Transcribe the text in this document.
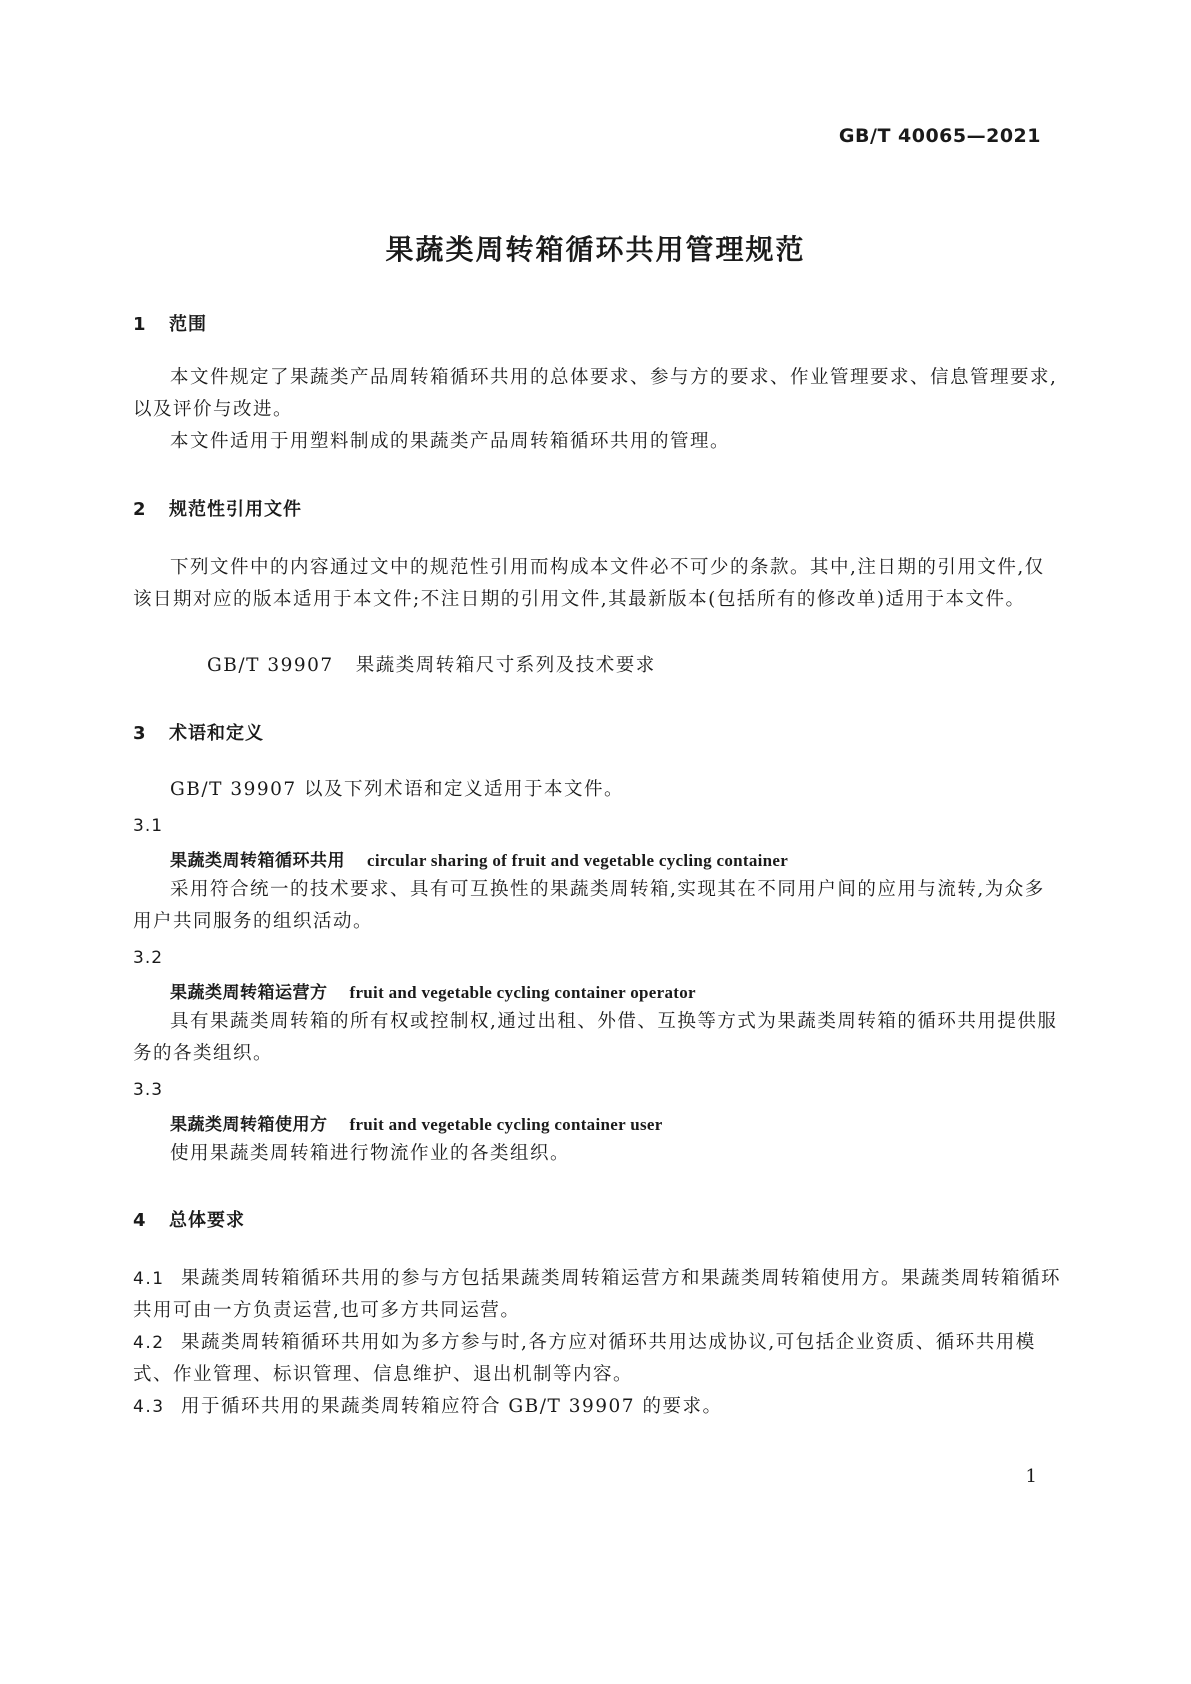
GB/T 40065—2021
果蔬类周转箱循环共用管理规范
1 范围
本文件规定了果蔬类产品周转箱循环共用的总体要求、参与方的要求、作业管理要求、信息管理要求,以及评价与改进。
本文件适用于用塑料制成的果蔬类产品周转箱循环共用的管理。
2 规范性引用文件
下列文件中的内容通过文中的规范性引用而构成本文件必不可少的条款。其中,注日期的引用文件,仅该日期对应的版本适用于本文件;不注日期的引用文件,其最新版本(包括所有的修改单)适用于本文件。
GB/T 39907 果蔬类周转箱尺寸系列及技术要求
3 术语和定义
GB/T 39907 以及下列术语和定义适用于本文件。
3.1
果蔬类周转箱循环共用 circular sharing of fruit and vegetable cycling container
采用符合统一的技术要求、具有可互换性的果蔬类周转箱,实现其在不同用户间的应用与流转,为众多用户共同服务的组织活动。
3.2
果蔬类周转箱运营方 fruit and vegetable cycling container operator
具有果蔬类周转箱的所有权或控制权,通过出租、外借、互换等方式为果蔬类周转箱的循环共用提供服务的各类组织。
3.3
果蔬类周转箱使用方 fruit and vegetable cycling container user
使用果蔬类周转箱进行物流作业的各类组织。
4 总体要求
4.1 果蔬类周转箱循环共用的参与方包括果蔬类周转箱运营方和果蔬类周转箱使用方。果蔬类周转箱循环共用可由一方负责运营,也可多方共同运营。
4.2 果蔬类周转箱循环共用如为多方参与时,各方应对循环共用达成协议,可包括企业资质、循环共用模式、作业管理、标识管理、信息维护、退出机制等内容。
4.3 用于循环共用的果蔬类周转箱应符合 GB/T 39907 的要求。
1
